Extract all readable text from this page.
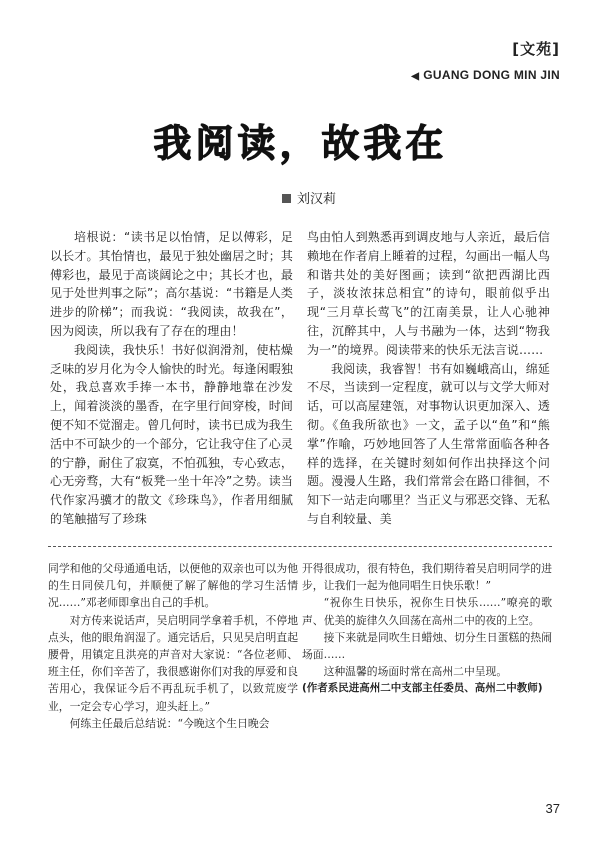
[文苑]
◀ GUANG DONG MIN JIN
我阅读，故我在
刘汉莉

培根说：“读书足以怡情，足以傅彩，足以长才。其怡情也，最见于独处幽居之时；其傅彩也，最见于高谈阔论之中；其长才也，最见于处世判事之际”；高尔基说：“书籍是人类进步的阶梯”；而我说：“我阅读，故我在”，因为阅读，所以我有了存在的理由！

我阅读，我快乐！书好似润滑剂，使枯燥乏味的岁月化为令人愉快的时光。每逢闲暇独处，我总喜欢手捧一本书，静静地靠在沙发上，闻着淡淡的墨香，在字里行间穿梭，时间便不知不觉溜走。曾几何时，读书已成为我生活中不可缺少的一个部分，它让我守住了心灵的宁静，耐住了寂寞，不怕孤独，专心致志，心无旁骛，大有“板凳一坐十年冷”之势。读当代作家冯骥才的散文《珍珠鸟》，作者用细腻的笔触描写了珍珠

鸟由怕人到熟悉再到调皮地与人亲近，最后信赖地在作者肩上睡着的过程，勾画出一幅人鸟和谐共处的美好图画；读到“欲把西湖比西子，淡妆浓抹总相宜”的诗句，眼前似乎出现“三月草长莺飞”的江南美景，让人心驰神往，沉醉其中，人与书融为一体，达到“物我为一”的境界。阅读带来的快乐无法言说……

我阅读，我睿智！书有如巍峨高山，绵延不尽，当读到一定程度，就可以与文学大师对话，可以高屋建瓴，对事物认识更加深入、透彻。《鱼我所欲也》一文，孟子以“鱼”和“熊掌”作喻，巧妙地回答了人生常常面临各种各样的选择，在关键时刻如何作出抉择这个问题。漫漫人生路，我们常常会在路口徘徊，不知下一站走向哪里？当正义与邪恶交锋、无私与自利较量、美

同学和他的父母通通电话，以便他的双亲也可以为他的生日同侯几句，并顺便了解了解他的学习生活情况……”邓老师即拿出自己的手机。

对方传来说话声，吴启明同学拿着手机，不停地点头，他的眼角润湿了。通完话后，只见吴启明直起腰骨，用镇定且洪亮的声音对大家说：“各位老师、班主任，你们辛苦了，我很感谢你们对我的厚爱和良苦用心，我保证今后不再乱玩手机了，以致荒废学业，一定会专心学习，迎头赶上。”

何练主任最后总结说：“今晚这个生日晚会

开得很成功，很有特色，我们期待着吴启明同学的进步，让我们一起为他同唱生日快乐歌！”

“祝你生日快乐，祝你生日快乐……”嘹亮的歌声、优美的旋律久久回荡在高州二中的夜的上空。

接下来就是同吹生日蜡烛、切分生日蛋糕的热闹场面……

这种温馨的场面时常在高州二中呈现。

(作者系民进高州二中支部主任委员、高州二中教师)

37
